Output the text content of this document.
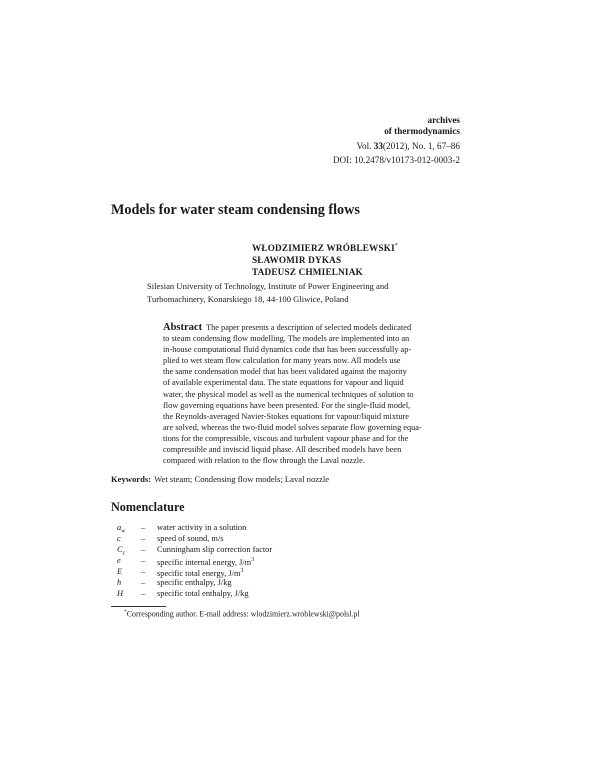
archives
of thermodynamics
Vol. 33(2012), No. 1, 67–86
DOI: 10.2478/v10173-012-0003-2
Models for water steam condensing flows
WŁODZIMIERZ WRÓBLEWSKI*
SŁAWOMIR DYKAS
TADEUSZ CHMIELNIAK
Silesian University of Technology, Institute of Power Engineering and
Turbomachinery, Konarskiego 18, 44-100 Gliwice, Poland
Abstract The paper presents a description of selected models dedicated
to steam condensing flow modelling. The models are implemented into an
in-house computational fluid dynamics code that has been successfully ap-
plied to wet steam flow calculation for many years now. All models use
the same condensation model that has been validated against the majority
of available experimental data. The state equations for vapour and liquid
water, the physical model as well as the numerical techniques of solution to
flow governing equations have been presented. For the single-fluid model,
the Reynolds-averaged Navier-Stokes equations for vapour/liquid mixture
are solved, whereas the two-fluid model solves separate flow governing equa-
tions for the compressible, viscous and turbulent vapour phase and for the
compressible and inviscid liquid phase. All described models have been
compared with relation to the flow through the Laval nozzle.
Keywords: Wet steam; Condensing flow models; Laval nozzle
Nomenclature
$a_w$ – water activity in a solution
c – speed of sound, m/s
$C_c$ – Cunningham slip correction factor
e – specific internal energy, $J/m^3$
E – specific total energy, $J/m^3$
h – specific enthalpy, J/kg
H – specific total enthalpy, J/kg
*Corresponding author. E-mail address: wlodzimierz.wroblewski@polsl.pl
